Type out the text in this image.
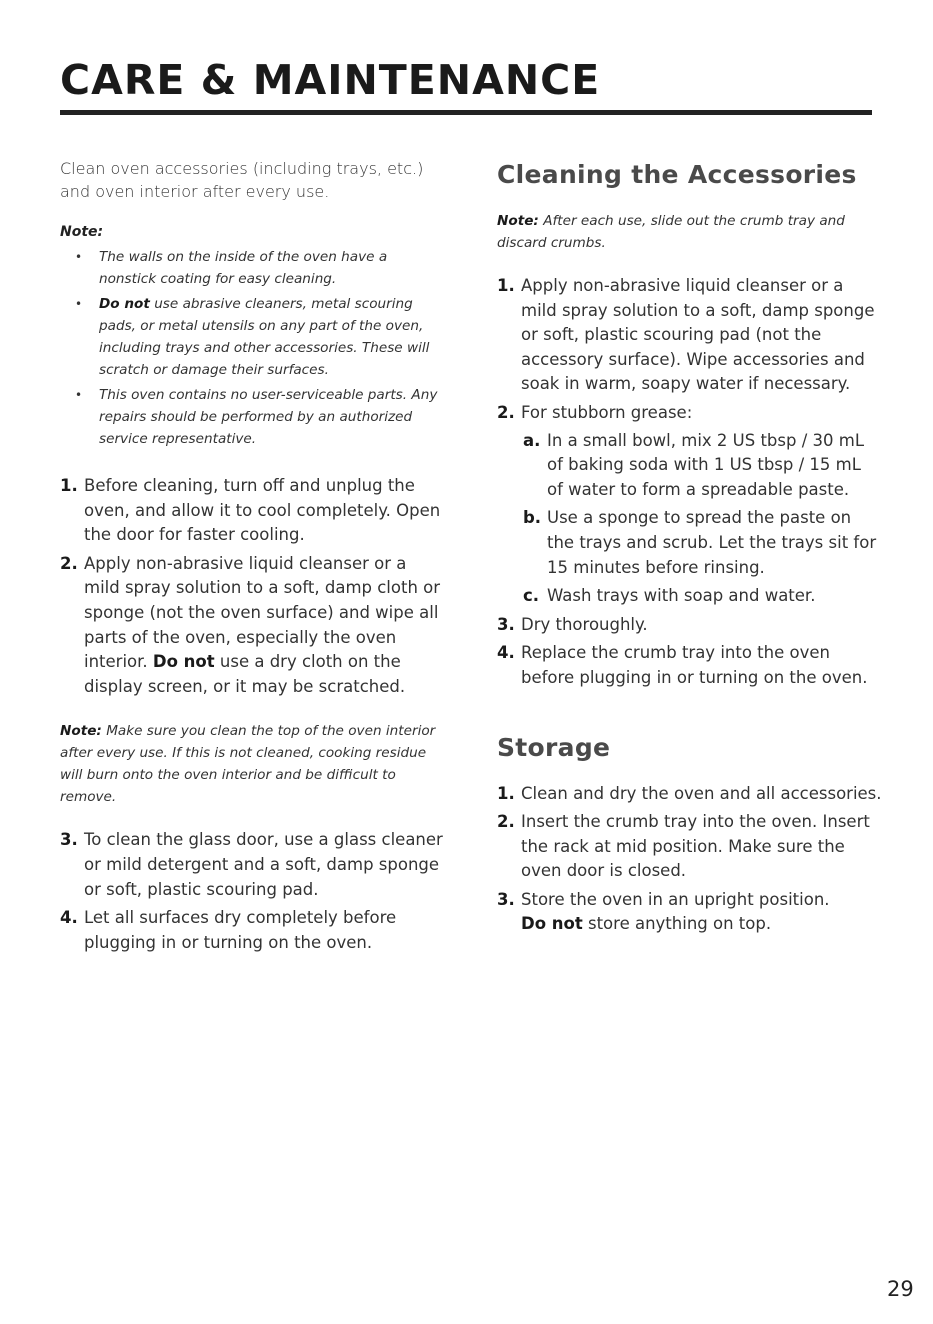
CARE & MAINTENANCE

Clean oven accessories (including trays, etc.) and oven interior after every use.

Note:

• The walls on the inside of the oven have a nonstick coating for easy cleaning.
• Do not use abrasive cleaners, metal scouring pads, or metal utensils on any part of the oven, including trays and other accessories. These will scratch or damage their surfaces.
• This oven contains no user-serviceable parts. Any repairs should be performed by an authorized service representative.
1. Before cleaning, turn off and unplug the oven, and allow it to cool completely. Open the door for faster cooling.
2. Apply non-abrasive liquid cleanser or a mild spray solution to a soft, damp cloth or sponge (not the oven surface) and wipe all parts of the oven, especially the oven interior. Do not use a dry cloth on the display screen, or it may be scratched.

Note: Make sure you clean the top of the oven interior after every use. If this is not cleaned, cooking residue will burn onto the oven interior and be difficult to remove.

3. To clean the glass door, use a glass cleaner or mild detergent and a soft, damp sponge or soft, plastic scouring pad.
4. Let all surfaces dry completely before plugging in or turning on the oven.
Cleaning the Accessories

Note: After each use, slide out the crumb tray and discard crumbs.

1. Apply non-abrasive liquid cleanser or a mild spray solution to a soft, damp sponge or soft, plastic scouring pad (not the accessory surface). Wipe accessories and soak in warm, soapy water if necessary.
2. For stubborn grease:
a. In a small bowl, mix 2 US tbsp / 30 mL of baking soda with 1 US tbsp / 15 mL of water to form a spreadable paste.
b. Use a sponge to spread the paste on the trays and scrub. Let the trays sit for 15 minutes before rinsing.
c. Wash trays with soap and water.
3. Dry thoroughly.
4. Replace the crumb tray into the oven before plugging in or turning on the oven.
Storage
1. Clean and dry the oven and all accessories.
2. Insert the crumb tray into the oven. Insert the rack at mid position. Make sure the oven door is closed.
3. Store the oven in an upright position.
Do not store anything on top.
29
